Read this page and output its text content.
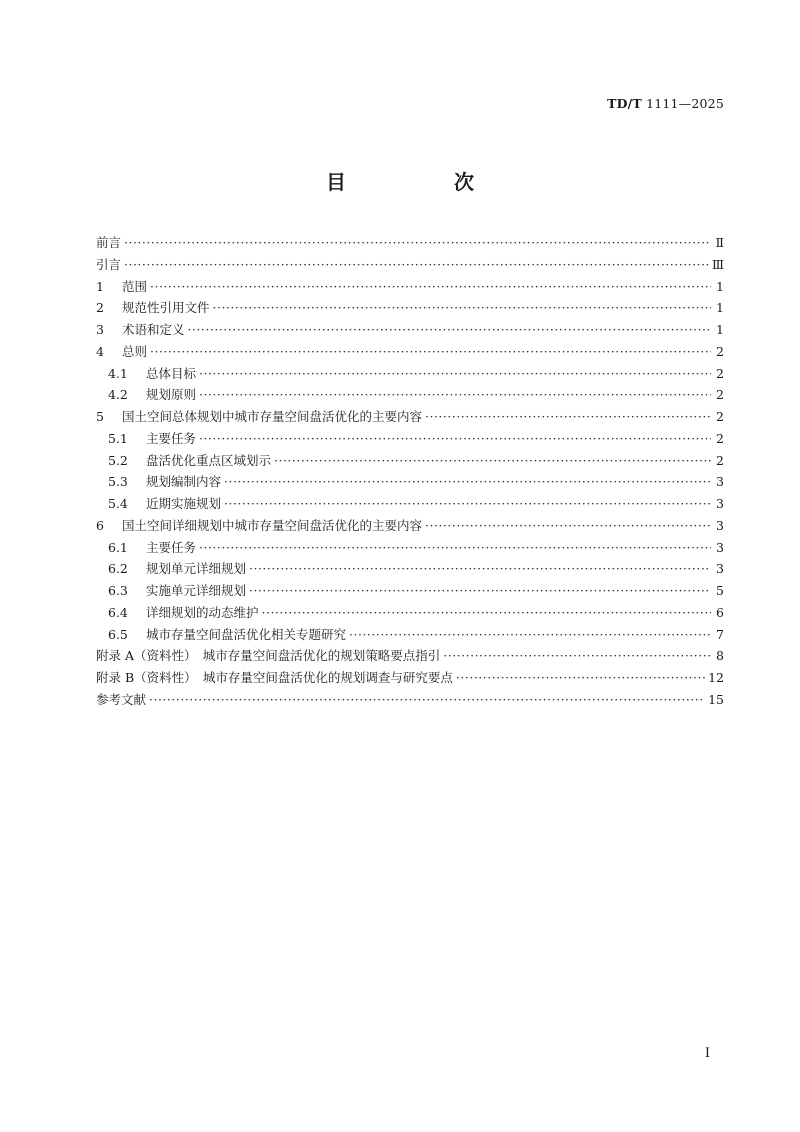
TD/T 1111—2025
目　次
前言 ·····	Ⅱ
引言 ·····	Ⅲ
1	范围 ·····	1
2	规范性引用文件 ·····	1
3	术语和定义 ·····	1
4	总则 ·····	2
4.1	总体目标 ·····	2
4.2	规划原则 ·····	2
5	国土空间总体规划中城市存量空间盘活优化的主要内容 ·····	2
5.1	主要任务 ·····	2
5.2	盘活优化重点区域划示 ·····	2
5.3	规划编制内容 ·····	3
5.4	近期实施规划 ·····	3
6	国土空间详细规划中城市存量空间盘活优化的主要内容 ·····	3
6.1	主要任务 ·····	3
6.2	规划单元详细规划 ·····	3
6.3	实施单元详细规划 ·····	5
6.4	详细规划的动态维护 ·····	6
6.5	城市存量空间盘活优化相关专题研究 ·····	7
附录 A（资料性）　城市存量空间盘活优化的规划策略要点指引 ·····	8
附录 B（资料性）　城市存量空间盘活优化的规划调查与研究要点 ·····	12
参考文献 ·····	15
I
